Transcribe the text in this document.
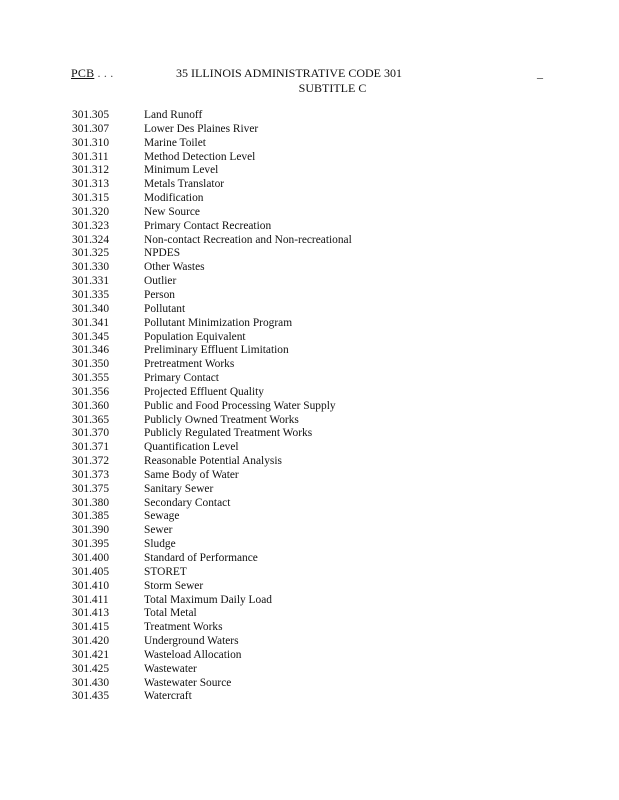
PCB . . .	35 ILLINOIS ADMINISTRATIVE CODE 301	_
SUBTITLE C
301.305	Land Runoff
301.307	Lower Des Plaines River
301.310	Marine Toilet
301.311	Method Detection Level
301.312	Minimum Level
301.313	Metals Translator
301.315	Modification
301.320	New Source
301.323	Primary Contact Recreation
301.324	Non-contact Recreation and Non-recreational
301.325	NPDES
301.330	Other Wastes
301.331	Outlier
301.335	Person
301.340	Pollutant
301.341	Pollutant Minimization Program
301.345	Population Equivalent
301.346	Preliminary Effluent Limitation
301.350	Pretreatment Works
301.355	Primary Contact
301.356	Projected Effluent Quality
301.360	Public and Food Processing Water Supply
301.365	Publicly Owned Treatment Works
301.370	Publicly Regulated Treatment Works
301.371	Quantification Level
301.372	Reasonable Potential Analysis
301.373	Same Body of Water
301.375	Sanitary Sewer
301.380	Secondary Contact
301.385	Sewage
301.390	Sewer
301.395	Sludge
301.400	Standard of Performance
301.405	STORET
301.410	Storm Sewer
301.411	Total Maximum Daily Load
301.413	Total Metal
301.415	Treatment Works
301.420	Underground Waters
301.421	Wasteload Allocation
301.425	Wastewater
301.430	Wastewater Source
301.435	Watercraft
